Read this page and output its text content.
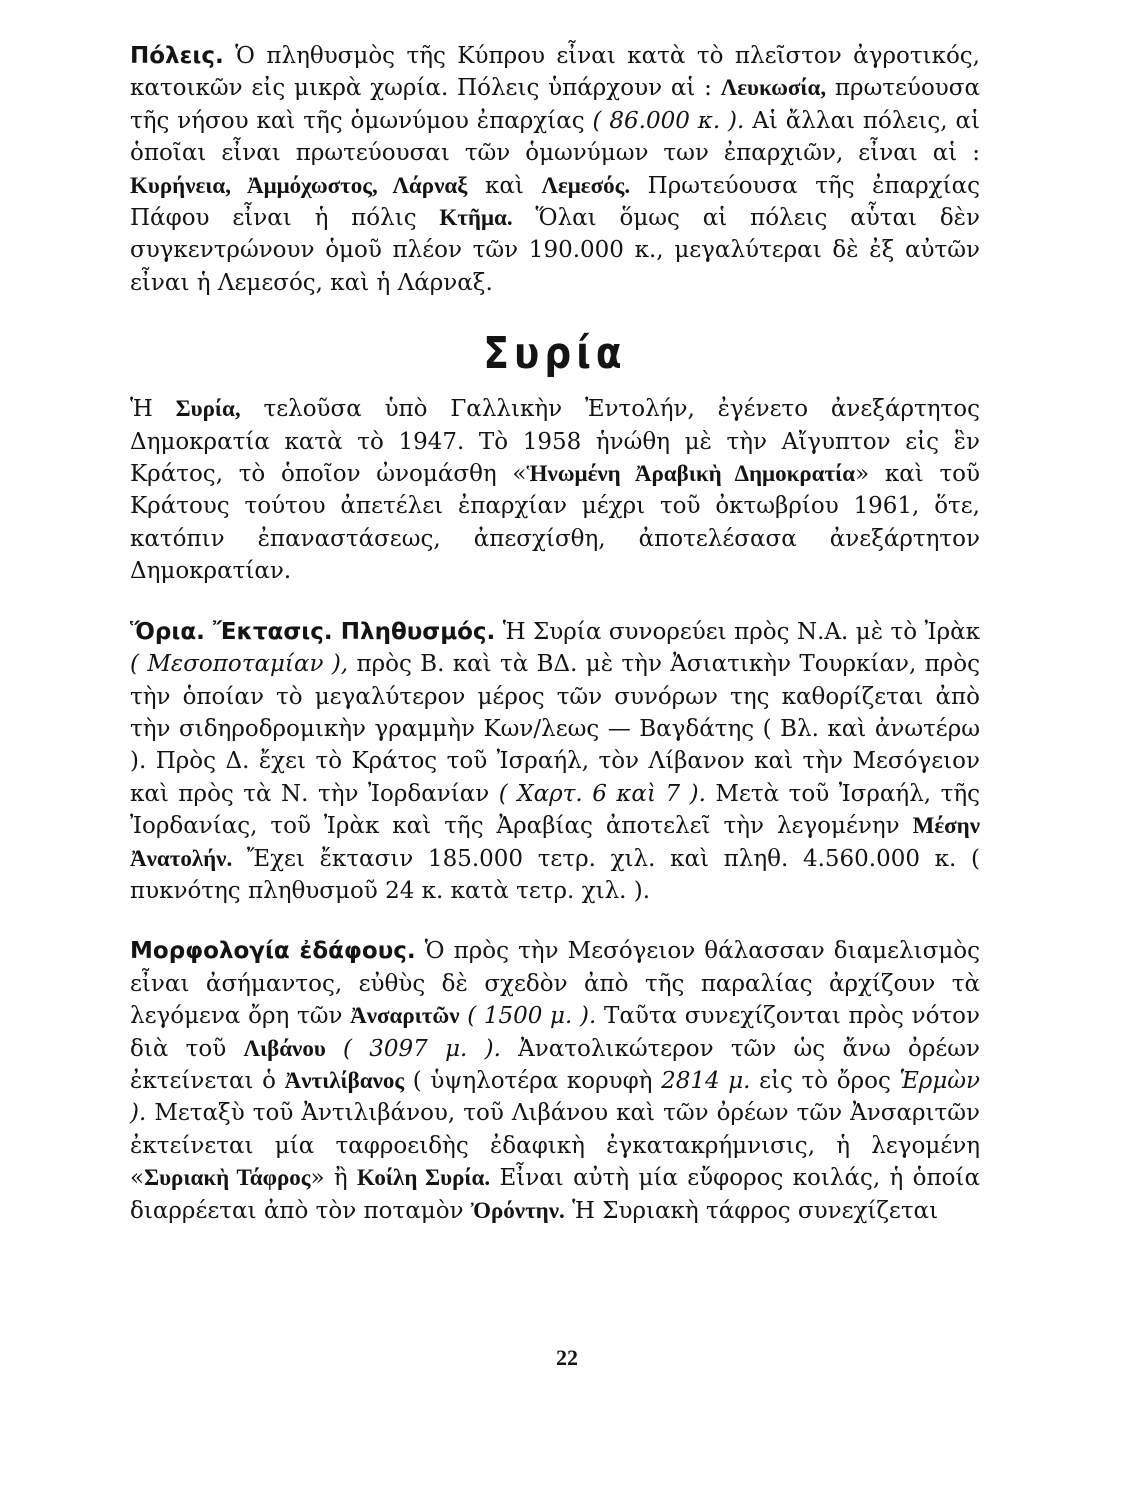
Πόλεις. Ὁ πληθυσμὸς τῆς Κύπρου εἶναι κατὰ τὸ πλεῖστον ἀγροτικός, κατοικῶν εἰς μικρὰ χωρία. Πόλεις ὑπάρχουν αἱ : Λευκωσία, πρωτεύουσα τῆς νήσου καὶ τῆς ὁμωνύμου ἐπαρχίας ( 86.000 κ. ). Αἱ ἄλλαι πόλεις, αἱ ὁποῖαι εἶναι πρωτεύουσαι τῶν ὁμωνύμων των ἐπαρχιῶν, εἶναι αἱ : Κυρήνεια, Ἀμμόχωστος, Λάρναξ καὶ Λεμεσός. Πρωτεύουσα τῆς ἐπαρχίας Πάφου εἶναι ἡ πόλις Κτῆμα. Ὅλαι ὅμως αἱ πόλεις αὗται δὲν συγκεντρώνουν ὁμοῦ πλέον τῶν 190.000 κ., μεγαλύτεραι δὲ ἐξ αὐτῶν εἶναι ἡ Λεμεσός, καὶ ἡ Λάρναξ.

Συρία

Ἡ Συρία, τελοῦσα ὑπὸ Γαλλικὴν Ἐντολήν, ἐγένετο ἀνεξάρτητος Δημοκρατία κατὰ τὸ 1947. Τὸ 1958 ἡνώθη μὲ τὴν Αἴγυπτον εἰς ἓν Κράτος, τὸ ὁποῖον ὠνομάσθη «Ἡνωμένη Ἀραβικὴ Δημοκρατία» καὶ τοῦ Κράτους τούτου ἀπετέλει ἐπαρχίαν μέχρι τοῦ ὀκτωβρίου 1961, ὅτε, κατόπιν ἐπαναστάσεως, ἀπεσχίσθη, ἀποτελέσασα ἀνεξάρτητον Δημοκρατίαν.

Ὅρια. Ἔκτασις. Πληθυσμός. Ἡ Συρία συνορεύει πρὸς Ν.Α. μὲ τὸ Ἰρὰκ ( Μεσοποταμίαν ), πρὸς Β. καὶ τὰ ΒΔ. μὲ τὴν Ἀσιατικὴν Τουρκίαν, πρὸς τὴν ὁποίαν τὸ μεγαλύτερον μέρος τῶν συνόρων της καθορίζεται ἀπὸ τὴν σιδηροδρομικὴν γραμμὴν Κων/λεως — Βαγδάτης ( Βλ. καὶ ἀνωτέρω ). Πρὸς Δ. ἔχει τὸ Κράτος τοῦ Ἰσραήλ, τὸν Λίβανον καὶ τὴν Μεσόγειον καὶ πρὸς τὰ Ν. τὴν Ἰορδανίαν ( Χαρτ. 6 καὶ 7 ). Μετὰ τοῦ Ἰσραήλ, τῆς Ἰορδανίας, τοῦ Ἰρὰκ καὶ τῆς Ἀραβίας ἀποτελεῖ τὴν λεγομένην Μέσην Ἀνατολήν. Ἔχει ἔκτασιν 185.000 τετρ. χιλ. καὶ πληθ. 4.560.000 κ. ( πυκνότης πληθυσμοῦ 24 κ. κατὰ τετρ. χιλ. ).

Μορφολογία ἐδάφους. Ὁ πρὸς τὴν Μεσόγειον θάλασσαν διαμελισμὸς εἶναι ἀσήμαντος, εὐθὺς δὲ σχεδὸν ἀπὸ τῆς παραλίας ἀρχίζουν τὰ λεγόμενα ὄρη τῶν Ἀνσαριτῶν ( 1500 μ. ). Ταῦτα συνεχίζονται πρὸς νότον διὰ τοῦ Λιβάνου ( 3097 μ. ). Ἀνατολικώτερον τῶν ὡς ἄνω ὀρέων ἐκτείνεται ὁ Ἀντιλίβανος ( ὑψηλοτέρα κορυφὴ 2814 μ. εἰς τὸ ὄρος Ἑρμὼν ). Μεταξὺ τοῦ Ἀντιλιβάνου, τοῦ Λιβάνου καὶ τῶν ὀρέων τῶν Ἀνσαριτῶν ἐκτείνεται μία ταφροειδὴς ἐδαφικὴ ἐγκατακρήμνισις, ἡ λεγομένη «Συριακὴ Τάφρος» ἢ Κοίλη Συρία. Εἶναι αὐτὴ μία εὔφορος κοιλάς, ἡ ὁποία διαρρέεται ἀπὸ τὸν ποταμὸν Ὀρόντην. Ἡ Συριακὴ τάφρος συνεχίζεται

22
